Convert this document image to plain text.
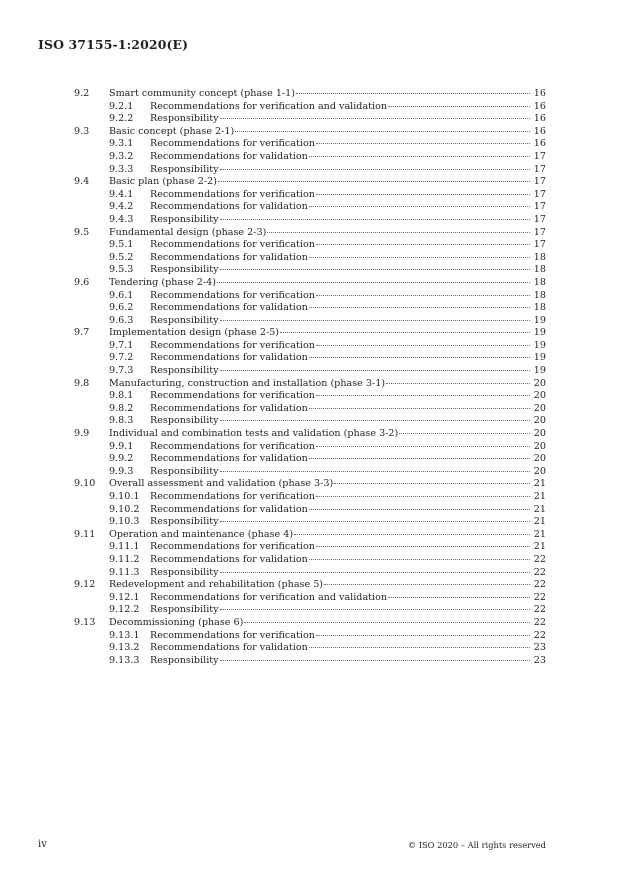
ISO 37155-1:2020(E)
9.2 Smart community concept (phase 1-1)	16
9.2.1 Recommendations for verification and validation	16
9.2.2 Responsibility	16
9.3 Basic concept (phase 2-1)	16
9.3.1 Recommendations for verification	16
9.3.2 Recommendations for validation	17
9.3.3 Responsibility	17
9.4 Basic plan (phase 2-2)	17
9.4.1 Recommendations for verification	17
9.4.2 Recommendations for validation	17
9.4.3 Responsibility	17
9.5 Fundamental design (phase 2-3)	17
9.5.1 Recommendations for verification	17
9.5.2 Recommendations for validation	18
9.5.3 Responsibility	18
9.6 Tendering (phase 2-4)	18
9.6.1 Recommendations for verification	18
9.6.2 Recommendations for validation	18
9.6.3 Responsibility	19
9.7 Implementation design (phase 2-5)	19
9.7.1 Recommendations for verification	19
9.7.2 Recommendations for validation	19
9.7.3 Responsibility	19
9.8 Manufacturing, construction and installation (phase 3-1)	20
9.8.1 Recommendations for verification	20
9.8.2 Recommendations for validation	20
9.8.3 Responsibility	20
9.9 Individual and combination tests and validation (phase 3-2)	20
9.9.1 Recommendations for verification	20
9.9.2 Recommendations for validation	20
9.9.3 Responsibility	20
9.10 Overall assessment and validation (phase 3-3)	21
9.10.1 Recommendations for verification	21
9.10.2 Recommendations for validation	21
9.10.3 Responsibility	21
9.11 Operation and maintenance (phase 4)	21
9.11.1 Recommendations for verification	21
9.11.2 Recommendations for validation	22
9.11.3 Responsibility	22
9.12 Redevelopment and rehabilitation (phase 5)	22
9.12.1 Recommendations for verification and validation	22
9.12.2 Responsibility	22
9.13 Decommissioning (phase 6)	22
9.13.1 Recommendations for verification	22
9.13.2 Recommendations for validation	23
9.13.3 Responsibility	23
iv	© ISO 2020 – All rights reserved
